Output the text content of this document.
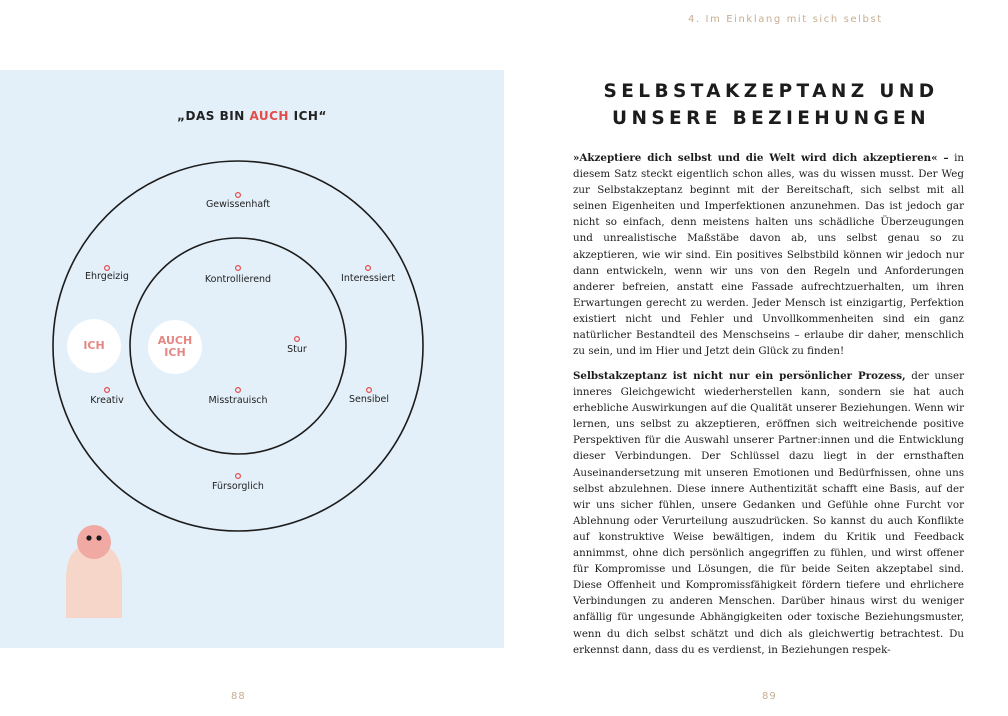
4. Im Einklang mit sich selbst
„DAS BIN AUCH ICH“
Gewissenhaft
Ehrgeizig	Interessiert
Kreativ	Sensibel
Fürsorglich
Kontrollierend
Stur
Misstrauisch
ICH	AUCH
ICH
88
SELBSTAKZEPTANZ UND
UNSERE BEZIEHUNGEN

»Akzeptiere dich selbst und die Welt wird dich akzeptieren« – in diesem Satz steckt eigentlich schon alles, was du wissen musst. Der Weg zur Selbstakzeptanz beginnt mit der Bereitschaft, sich selbst mit all seinen Eigenheiten und Imperfektionen anzunehmen. Das ist jedoch gar nicht so einfach, denn meistens halten uns schädliche Überzeugungen und unrealistische Maßstäbe davon ab, uns selbst genau so zu akzeptieren, wie wir sind. Ein positives Selbstbild können wir jedoch nur dann entwickeln, wenn wir uns von den Regeln und Anforderungen anderer befreien, anstatt eine Fassade aufrechtzuerhalten, um ihren Erwartungen gerecht zu werden. Jeder Mensch ist einzigartig, Perfektion existiert nicht und Fehler und Unvollkommenheiten sind ein ganz natürlicher Bestandteil des Menschseins – erlaube dir daher, menschlich zu sein, und im Hier und Jetzt dein Glück zu finden!

Selbstakzeptanz ist nicht nur ein persönlicher Prozess, der unser inneres Gleichgewicht wiederherstellen kann, sondern sie hat auch erhebliche Auswirkungen auf die Qualität unserer Beziehungen. Wenn wir lernen, uns selbst zu akzeptieren, eröffnen sich weitreichende positive Perspektiven für die Auswahl unserer Partner:innen und die Entwicklung dieser Verbindungen. Der Schlüssel dazu liegt in der ernsthaften Auseinandersetzung mit unseren Emotionen und Bedürfnissen, ohne uns selbst abzulehnen. Diese innere Authentizität schafft eine Basis, auf der wir uns sicher fühlen, unsere Gedanken und Gefühle ohne Furcht vor Ablehnung oder Verurteilung auszudrücken. So kannst du auch Konflikte auf konstruktive Weise bewältigen, indem du Kritik und Feedback annimmst, ohne dich persönlich angegriffen zu fühlen, und wirst offener für Kompromisse und Lösungen, die für beide Seiten akzeptabel sind. Diese Offenheit und Kompromissfähigkeit fördern tiefere und ehrlichere Verbindungen zu anderen Menschen. Darüber hinaus wirst du weniger anfällig für ungesunde Abhängigkeiten oder toxische Beziehungsmuster, wenn du dich selbst schätzt und dich als gleichwertig betrachtest. Du erkennst dann, dass du es verdienst, in Beziehungen respek-

89
